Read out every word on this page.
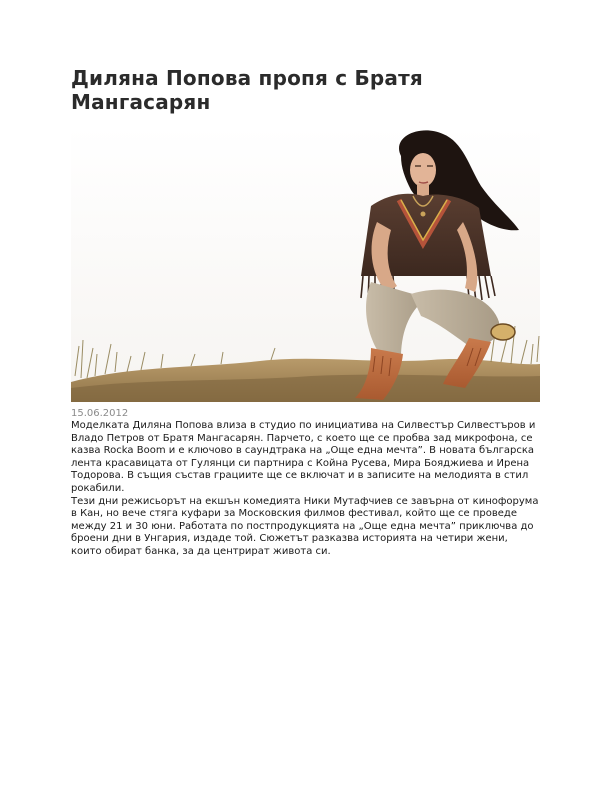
Диляна Попова пропя с Братя Мангасарян
15.06.2012

Моделката Диляна Попова влиза в студио по инициатива на Силвестър Силвестъров и Владо Петров от Братя Мангасарян. Парчето, с което ще се пробва зад микрофона, се казва Rocka Boom и е ключово в саундтрака на „Още една мечта”. В новата българска лента красавицата от Гулянци си партнира с Койна Русева, Мира Бояджиева и Ирена Тодорова. В същия състав грациите ще се включат и в записите на мелодията в стил рокабили.

Тези дни режисьорът на екшън комедията Ники Мутафчиев се завърна от кинофорума в Кан, но вече стяга куфари за Московския филмов фестивал, който ще се проведе между 21 и 30 юни. Работата по постпродукцията на „Още една мечта” приключва до броени дни в Унгария, издаде той. Сюжетът разказва историята на четири жени, които обират банка, за да центрират живота си.
